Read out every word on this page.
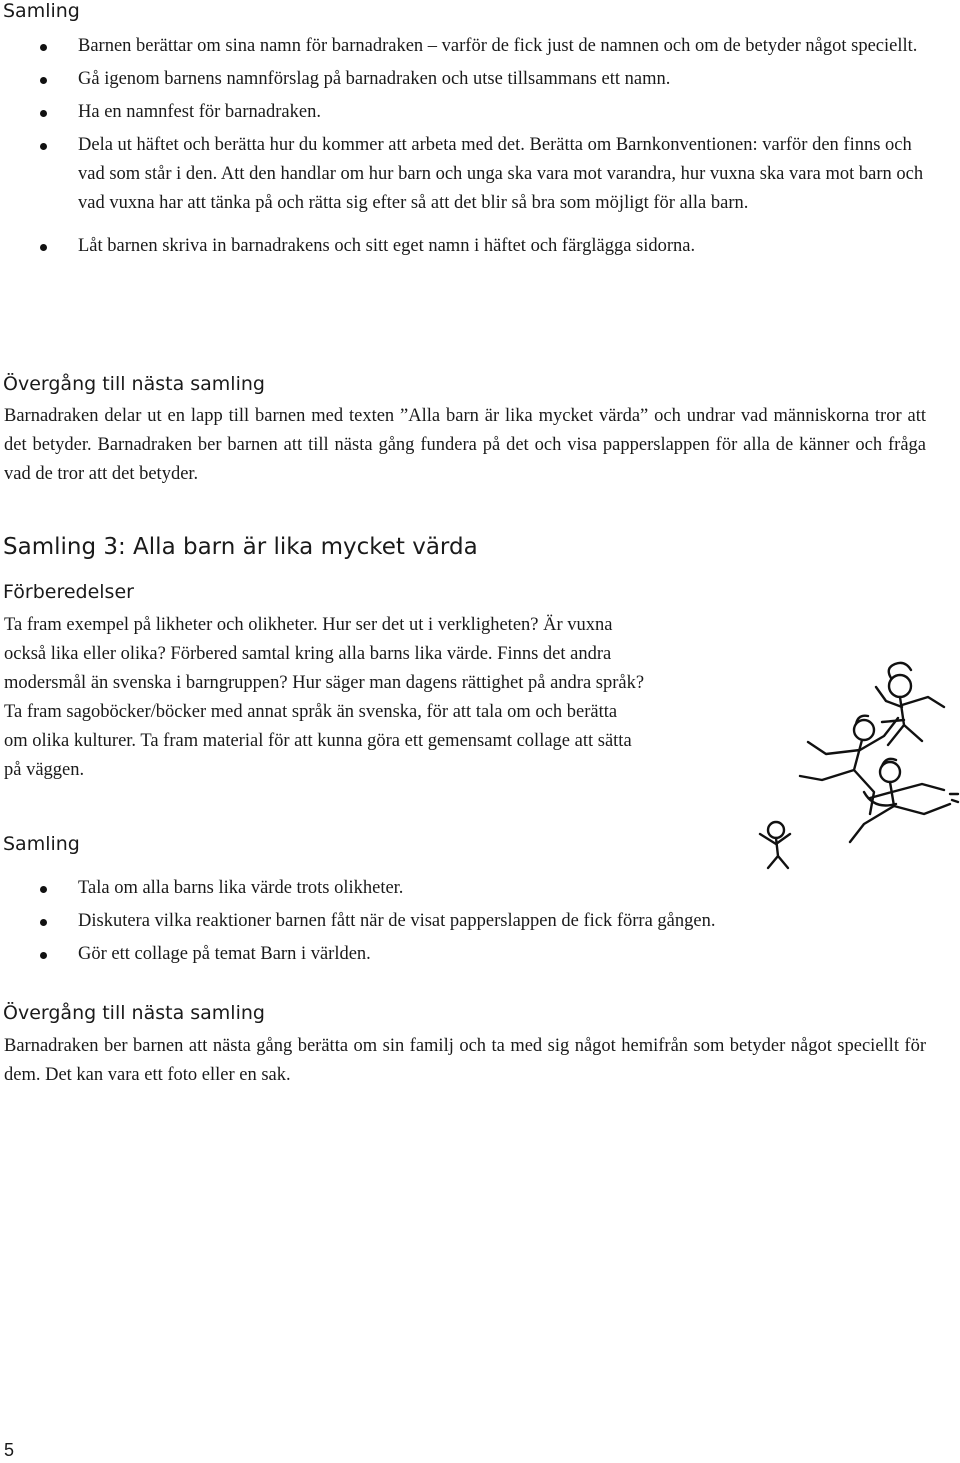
Samling
Barnen berättar om sina namn för barnadraken – varför de fick just de namnen och om de betyder något speciellt.
Gå igenom barnens namnförslag på barnadraken och utse tillsammans ett namn.
Ha en namnfest för barnadraken.
Dela ut häftet och berätta hur du kommer att arbeta med det. Berätta om Barnkonventionen: varför den finns och vad som står i den. Att den handlar om hur barn och unga ska vara mot varandra, hur vuxna ska vara mot barn och vad vuxna har att tänka på och rätta sig efter så att det blir så bra som möjligt för alla barn.
Låt barnen skriva in barnadrakens och sitt eget namn i häftet och färglägga sidorna.
Övergång till nästa samling

Barnadraken delar ut en lapp till barnen med texten ”Alla barn är lika mycket värda” och undrar vad människorna tror att det betyder. Barnadraken ber barnen att till nästa gång fundera på det och visa papperslappen för alla de känner och fråga vad de tror att det betyder.

Samling 3: Alla barn är lika mycket värda
Förberedelser
Ta fram exempel på likheter och olikheter. Hur ser det ut i verkligheten? Är vuxna
också lika eller olika? Förbered samtal kring alla barns lika värde. Finns det andra
modersmål än svenska i barngruppen? Hur säger man dagens rättighet på andra språk?
Ta fram sagoböcker/böcker med annat språk än svenska, för att tala om och berätta
om olika kulturer. Ta fram material för att kunna göra ett gemensamt collage att sätta
på väggen.
Samling
Tala om alla barns lika värde trots olikheter.
Diskutera vilka reaktioner barnen fått när de visat papperslappen de fick förra gången.
Gör ett collage på temat Barn i världen.
Övergång till nästa samling

Barnadraken ber barnen att nästa gång berätta om sin familj och ta med sig något hemifrån som betyder något speciellt för dem. Det kan vara ett foto eller en sak.

5
